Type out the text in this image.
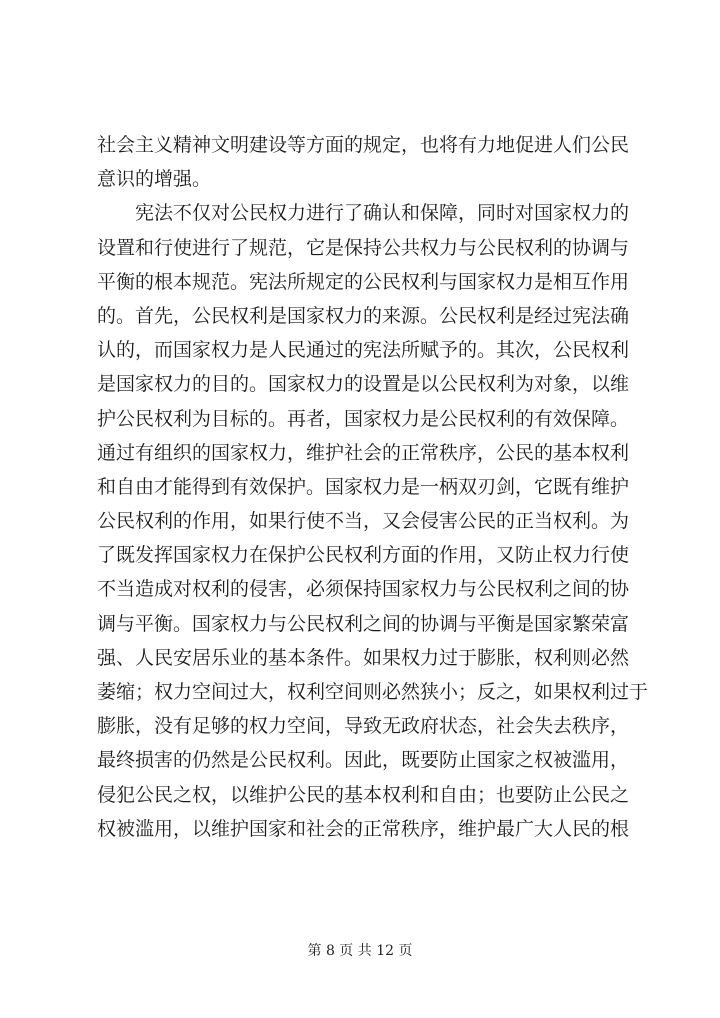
社会主义精神文明建设等方面的规定，也将有力地促进人们公民
意识的增强。
　　宪法不仅对公民权力进行了确认和保障，同时对国家权力的
设置和行使进行了规范，它是保持公共权力与公民权利的协调与
平衡的根本规范。宪法所规定的公民权利与国家权力是相互作用
的。首先，公民权利是国家权力的来源。公民权利是经过宪法确
认的，而国家权力是人民通过的宪法所赋予的。其次，公民权利
是国家权力的目的。国家权力的设置是以公民权利为对象，以维
护公民权利为目标的。再者，国家权力是公民权利的有效保障。
通过有组织的国家权力，维护社会的正常秩序，公民的基本权利
和自由才能得到有效保护。国家权力是一柄双刃剑，它既有维护
公民权利的作用，如果行使不当，又会侵害公民的正当权利。为
了既发挥国家权力在保护公民权利方面的作用，又防止权力行使
不当造成对权利的侵害，必须保持国家权力与公民权利之间的协
调与平衡。国家权力与公民权利之间的协调与平衡是国家繁荣富
强、人民安居乐业的基本条件。如果权力过于膨胀，权利则必然
萎缩；权力空间过大，权利空间则必然狭小；反之，如果权利过于
膨胀，没有足够的权力空间，导致无政府状态，社会失去秩序，
最终损害的仍然是公民权利。因此，既要防止国家之权被滥用，
侵犯公民之权，以维护公民的基本权利和自由；也要防止公民之
权被滥用，以维护国家和社会的正常秩序，维护最广大人民的根
第 8 页 共 12 页
